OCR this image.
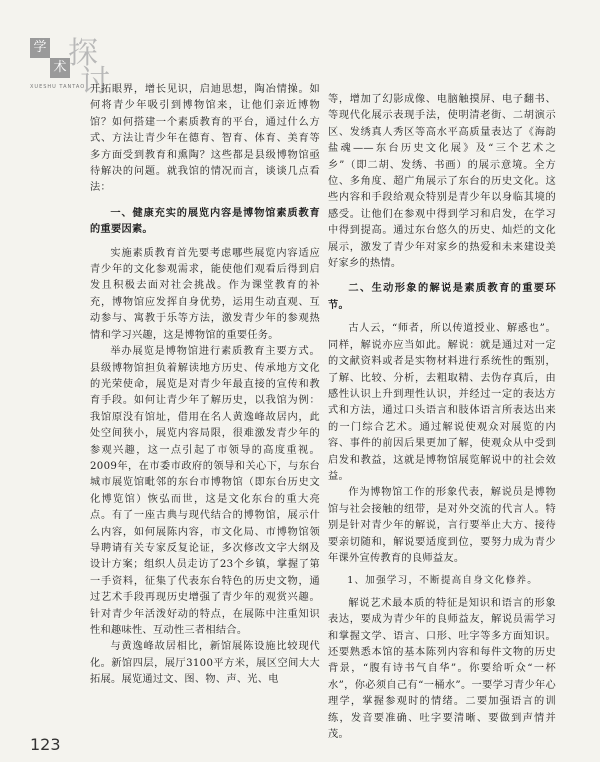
学
术 探
讨
XUESHU TANTAO 开拓眼界，增长见识，启迪思想，陶冶情操。如何将青少年吸引到博物馆来，让他们亲近博物馆？如何搭建一个素质教育的平台，通过什么方式、方法让青少年在德育、智育、体育、美育等多方面受到教育和熏陶？这些都是县级博物馆亟待解决的问题。就我馆的情况而言，谈谈几点看法：

一、健康充实的展览内容是博物馆素质教育的重要因素。

实施素质教育首先要考虑哪些展览内容适应青少年的文化参观需求，能使他们观看后得到启发且积极去面对社会挑战。作为课堂教育的补充，博物馆应发挥自身优势，运用生动直观、互动参与、寓教于乐等方法，激发青少年的参观热情和学习兴趣，这是博物馆的重要任务。

举办展览是博物馆进行素质教育主要方式。县级博物馆担负着解读地方历史、传承地方文化的光荣使命，展览是对青少年最直接的宣传和教育手段。如何让青少年了解历史，以我馆为例：我馆原没有馆址，借用在名人黄逸峰故居内，此处空间狭小，展览内容局限，很难激发青少年的参观兴趣，这一点引起了市领导的高度重视。2009年，在市委市政府的领导和关心下，与东台城市展览馆毗邻的东台市博物馆（即东台历史文化博览馆）恢弘而世，这是文化东台的重大亮点。有了一座古典与现代结合的博物馆，展示什么内容，如何展陈内容，市文化局、市博物馆领导聘请有关专家反复论证，多次修改文字大纲及设计方案；组织人员走访了23个乡镇，掌握了第一手资料，征集了代表东台特色的历史文物，通过艺术手段再现历史增强了青少年的观赏兴趣。针对青少年活泼好动的特点，在展陈中注重知识性和趣味性、互动性三者相结合。

与黄逸峰故居相比，新馆展陈设施比较现代化。新馆四层，展厅3100平方米，展区空间大大拓展。展览通过文、图、物、声、光、电

等，增加了幻影成像、电脑触摸屏、电子翻书、等现代化展示表现手法，使明清老街、二胡演示区、发绣真人秀区等高水平高质量表达了《海韵盐魂——东台历史文化展》及“三个艺术之乡”（即二胡、发绣、书画）的展示意境。全方位、多角度、超广角展示了东台的历史文化。这些内容和手段给观众特别是青少年以身临其境的感受。让他们在参观中得到学习和启发，在学习中得到提高。通过东台悠久的历史、灿烂的文化展示，激发了青少年对家乡的热爱和未来建设美好家乡的热情。

二、生动形象的解说是素质教育的重要环节。

古人云，“师者，所以传道授业、解惑也”。同样，解说亦应当如此。解说：就是通过对一定的文献资料或者是实物材料进行系统性的甄别，了解、比较、分析，去粗取精、去伪存真后，由感性认识上升到理性认识，并经过一定的表达方式和方法，通过口头语言和肢体语言所表达出来的一门综合艺术。通过解说使观众对展览的内容、事件的前因后果更加了解，使观众从中受到启发和教益，这就是博物馆展览解说中的社会效益。

作为博物馆工作的形象代表，解说员是博物馆与社会接触的纽带，是对外交流的代言人。特别是针对青少年的解说，言行要举止大方、接待要亲切随和，解说要适度到位，要努力成为青少年课外宣传教育的良师益友。

1、加强学习，不断提高自身文化修养。

解说艺术最本质的特征是知识和语言的形象表达，要成为青少年的良师益友，解说员需学习和掌握文学、语言、口形、吐字等多方面知识。还要熟悉本馆的基本陈列内容和每件文物的历史背景，“腹有诗书气自华”。你要给听众“一杯水”，你必须自己有“一桶水”。一要学习青少年心理学，掌握参观时的情绪。二要加强语言的训练，发音要准确、吐字要清晰、要做到声情并茂。

123
